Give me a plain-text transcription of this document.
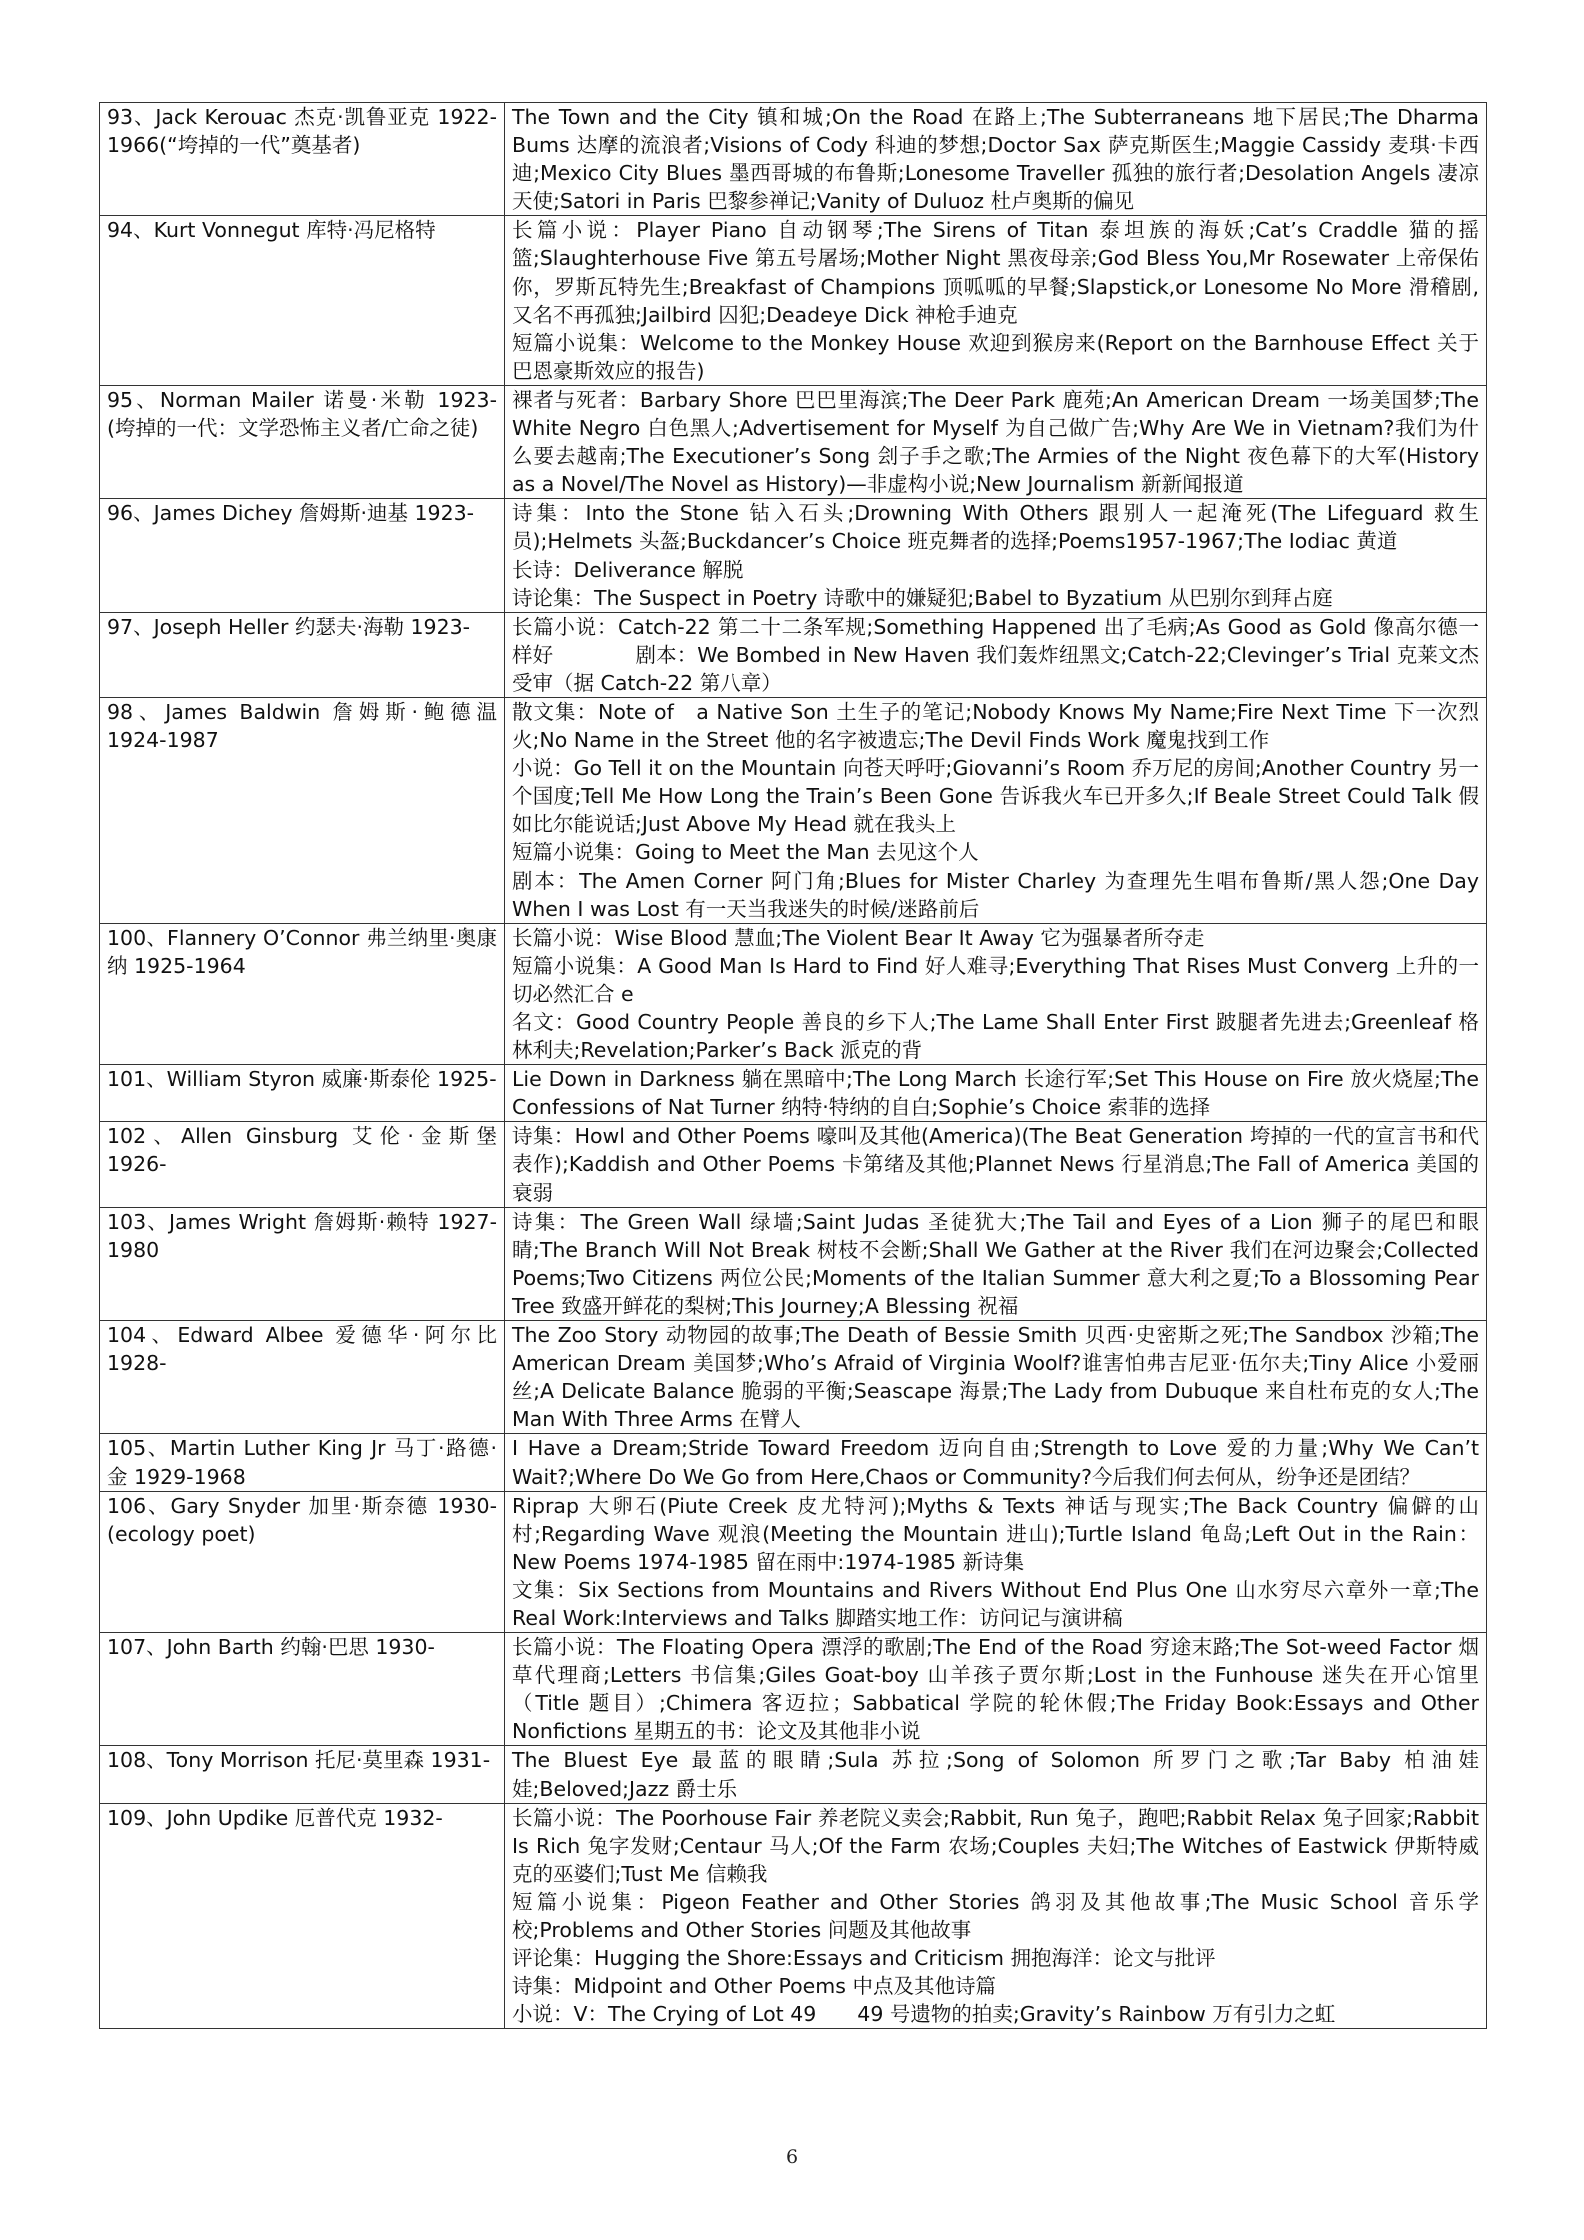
93、Jack Kerouac 杰克·凯鲁亚克 1922-1966(“垮掉的一代”奠基者)	The Town and the City 镇和城;On the Road 在路上;The Subterraneans 地下居民;The Dharma Bums 达摩的流浪者;Visions of Cody 科迪的梦想;Doctor Sax 萨克斯医生;Maggie Cassidy 麦琪·卡西迪;Mexico City Blues 墨西哥城的布鲁斯;Lonesome Traveller 孤独的旅行者;Desolation Angels 凄凉天使;Satori in Paris 巴黎参禅记;Vanity of Duluoz 杜卢奥斯的偏见

94、Kurt Vonnegut 库特·冯尼格特	长篇小说：Player Piano 自动钢琴;The Sirens of Titan 泰坦族的海妖;Cat’s Craddle 猫的摇篮;Slaughterhouse Five 第五号屠场;Mother Night 黑夜母亲;God Bless You,Mr Rosewater 上帝保佑你，罗斯瓦特先生;Breakfast of Champions 顶呱呱的早餐;Slapstick,or Lonesome No More 滑稽剧,又名不再孤独;Jailbird 囚犯;Deadeye Dick 神枪手迪克
短篇小说集：Welcome to the Monkey House 欢迎到猴房来(Report on the Barnhouse Effect 关于巴恩豪斯效应的报告)

95、Norman Mailer 诺曼·米勒 1923- (垮掉的一代：文学恐怖主义者/亡命之徒)	裸者与死者：Barbary Shore 巴巴里海滨;The Deer Park 鹿苑;An American Dream 一场美国梦;The White Negro 白色黑人;Advertisement for Myself 为自己做广告;Why Are We in Vietnam?我们为什么要去越南;The Executioner’s Song 刽子手之歌;The Armies of the Night 夜色幕下的大军(History as a Novel/The Novel as History)—非虚构小说;New Journalism 新新闻报道

96、James Dichey 詹姆斯·迪基 1923-	诗集：Into the Stone 钻入石头;Drowning With Others 跟别人一起淹死(The Lifeguard 救生员);Helmets 头盔;Buckdancer’s Choice 班克舞者的选择;Poems1957-1967;The Iodiac 黄道
长诗：Deliverance 解脱
诗论集：The Suspect in Poetry 诗歌中的嫌疑犯;Babel to Byzatium 从巴别尔到拜占庭

97、Joseph Heller 约瑟夫·海勒 1923-	长篇小说：Catch-22 第二十二条军规;Something Happened 出了毛病;As Good as Gold 像高尔德一样好　　　　剧本：We Bombed in New Haven 我们轰炸纽黑文;Catch-22;Clevinger’s Trial 克莱文杰受审（据 Catch-22 第八章）

98、James Baldwin 詹姆斯·鲍德温 1924-1987	散文集：Note of　a Native Son 土生子的笔记;Nobody Knows My Name;Fire Next Time 下一次烈火;No Name in the Street 他的名字被遗忘;The Devil Finds Work 魔鬼找到工作
小说：Go Tell it on the Mountain 向苍天呼吁;Giovanni’s Room 乔万尼的房间;Another Country 另一个国度;Tell Me How Long the Train’s Been Gone 告诉我火车已开多久;If Beale Street Could Talk 假如比尔能说话;Just Above My Head 就在我头上
短篇小说集：Going to Meet the Man 去见这个人
剧本：The Amen Corner 阿门角;Blues for Mister Charley 为查理先生唱布鲁斯/黑人怨;One Day When I was Lost 有一天当我迷失的时候/迷路前后

100、Flannery O’Connor 弗兰纳里·奥康纳 1925-1964	长篇小说：Wise Blood 慧血;The Violent Bear It Away 它为强暴者所夺走
短篇小说集：A Good Man Is Hard to Find 好人难寻;Everything That Rises Must Converg 上升的一切必然汇合 e
名文：Good Country People 善良的乡下人;The Lame Shall Enter First 跛腿者先进去;Greenleaf 格林利夫;Revelation;Parker’s Back 派克的背

101、William Styron 威廉·斯泰伦 1925-	Lie Down in Darkness 躺在黑暗中;The Long March 长途行军;Set This House on Fire 放火烧屋;The Confessions of Nat Turner 纳特·特纳的自白;Sophie’s Choice 索菲的选择

102、Allen Ginsburg 艾伦·金斯堡 1926-	诗集：Howl and Other Poems 嚎叫及其他(America)(The Beat Generation 垮掉的一代的宣言书和代表作);Kaddish and Other Poems 卡第绪及其他;Plannet News 行星消息;The Fall of America 美国的衰弱

103、James Wright 詹姆斯·赖特 1927-1980	诗集：The Green Wall 绿墙;Saint Judas 圣徒犹大;The Tail and Eyes of a Lion 狮子的尾巴和眼睛;The Branch Will Not Break 树枝不会断;Shall We Gather at the River 我们在河边聚会;Collected Poems;Two Citizens 两位公民;Moments of the Italian Summer 意大利之夏;To a Blossoming Pear Tree 致盛开鲜花的梨树;This Journey;A Blessing 祝福

104、Edward Albee 爱德华·阿尔比 1928-	The Zoo Story 动物园的故事;The Death of Bessie Smith 贝西·史密斯之死;The Sandbox 沙箱;The American Dream 美国梦;Who’s Afraid of Virginia Woolf?谁害怕弗吉尼亚·伍尔夫;Tiny Alice 小爱丽丝;A Delicate Balance 脆弱的平衡;Seascape 海景;The Lady from Dubuque 来自杜布克的女人;The Man With Three Arms 在臂人

105、Martin Luther King Jr 马丁·路德·金 1929-1968	I Have a Dream;Stride Toward Freedom 迈向自由;Strength to Love 爱的力量;Why We Can’t Wait?;Where Do We Go from Here,Chaos or Community?今后我们何去何从，纷争还是团结？

106、Gary Snyder 加里·斯奈德 1930-　(ecology poet)	Riprap 大卵石(Piute Creek 皮尤特河);Myths & Texts 神话与现实;The Back Country 偏僻的山村;Regarding Wave 观浪(Meeting the Mountain 进山);Turtle Island 龟岛;Left Out in the Rain：New Poems 1974-1985 留在雨中:1974-1985 新诗集
文集：Six Sections from Mountains and Rivers Without End Plus One 山水穷尽六章外一章;The Real Work:Interviews and Talks 脚踏实地工作：访问记与演讲稿

107、John Barth 约翰·巴思 1930-	长篇小说：The Floating Opera 漂浮的歌剧;The End of the Road 穷途末路;The Sot-weed Factor 烟草代理商;Letters 书信集;Giles Goat-boy 山羊孩子贾尔斯;Lost in the Funhouse 迷失在开心馆里（Title 题目）;Chimera 客迈拉；Sabbatical 学院的轮休假;The Friday Book:Essays and Other Nonfictions 星期五的书：论文及其他非小说

108、Tony Morrison 托尼·莫里森 1931-	The Bluest Eye 最蓝的眼睛;Sula 苏拉;Song of Solomon 所罗门之歌;Tar Baby 柏油娃娃;Beloved;Jazz 爵士乐

109、John Updike 厄普代克 1932-	长篇小说：The Poorhouse Fair 养老院义卖会;Rabbit, Run 兔子，跑吧;Rabbit Relax 兔子回家;Rabbit Is Rich 兔字发财;Centaur 马人;Of the Farm 农场;Couples 夫妇;The Witches of Eastwick 伊斯特威克的巫婆们;Tust Me 信赖我
短篇小说集：Pigeon Feather and Other Stories 鸽羽及其他故事;The Music School 音乐学校;Problems and Other Stories 问题及其他故事
评论集：Hugging the Shore:Essays and Criticism 拥抱海洋：论文与批评
诗集：Midpoint and Other Poems 中点及其他诗篇
小说：V：The Crying of Lot 49　　49 号遗物的拍卖;Gravity’s Rainbow 万有引力之虹
6
